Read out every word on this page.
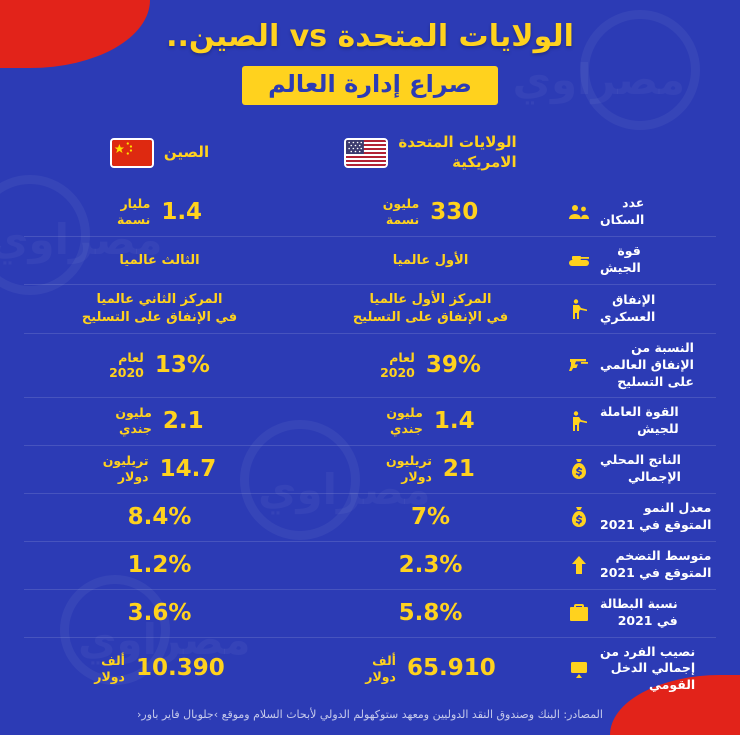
الولايات المتحدة vs الصين..
صراع إدارة العالم
الولايات المتحدة
الامريكية
الصين
عدد
السكان
330
مليون
نسمة
1.4
مليار
نسمة
قوة
الجيش
الأول عالميا
الثالث عالميا
الإنفاق
العسكري
المركز الأول عالميا
في الإنفاق على التسليح
المركز الثاني عالميا
في الإنفاق على التسليح
النسبة من
الإنفاق العالمي
على التسليح
39%
لعام
2020
13%
لعام
2020
القوة العاملة
للجيش
1.4
مليون
جندي
2.1
مليون
جندي
الناتج المحلي
الإجمالي
21
تريليون
دولار
14.7
تريليون
دولار
معدل النمو
المتوقع في 2021
7%
8.4%
متوسط التضخم
المتوقع في 2021
2.3%
1.2%
نسبة البطالة
في 2021
5.8%
3.6%
نصيب الفرد من
إجمالي الدخل
القومي
65.910
ألف
دولار
10.390
ألف
دولار
المصادر: البنك وصندوق النقد الدوليين ومعهد ستوكهولم الدولي لأبحاث السلام وموقع ›جلوبال فاير باور‹
